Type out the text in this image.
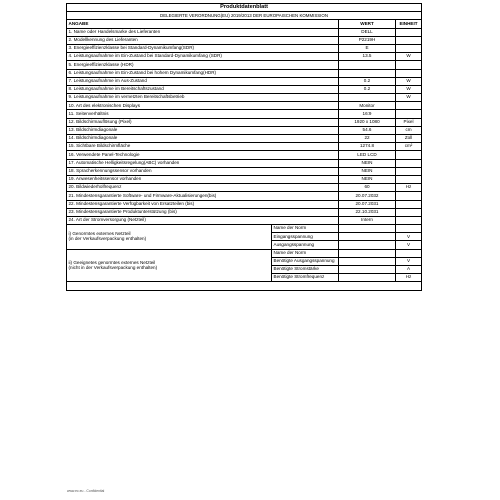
Produktdatenblatt			
DELEGIERTE VERORDNUNG(EU) 2019/2013 DER EUROPAISCHEN KOMMISSION			
ANGABE		WERT	EINHEIT
1. Name oder Handelsmarke des Lieferanten		DELL	
2. Modellkennung des Lieferanten		P2219H	
3. Energieeffizienzklasse bei Standard-Dynamikumfang(SDR)		E	
4. Leistungsaufnahme im Ein-Zustand bei Standard-Dynamikumfang (SDR)		13.5	W
5. Energieeffizienzklasse (HDR)			
6. Leistungsaufnahme im Ein-Zustand bei hohem Dynamikumfang(HDR)			
7. Leistungsaufnahme im Aus-Zustand		0.2	W
8. Leistungsaufnahme im Bereitschaftszustand		0.2	W
9. Leistungsaufnahme im vernetzten Bereitschaftsbetrieb			W
10. Art des elektronischen Displays		Monitor	
11. Seitenverhältnis		16:9	
12. Bildschirmauflösung (Pixel)		1920 x 1080	Pixel
13. Bildschirmdiagonale		54.6	cm
14. Bildschirmdiagonale		22	Zoll
15. Sichtbare Bildschirmfläche		1274.8	cm²
16. Verwendete Panel-Technologie		LED LCD	
17. Automatische Helligkeitsregelung(ABC) vorhanden		NEIN	
18. Spracherkennungssensor vorhanden		NEIN	
19. Anwesenheitssensor vorhanden		NEIN	
20. Bildwiederholfrequenz		60	Hz
21. Mindestensgarantierte Software- und Firmware-Aktualisierungen(bis)		20.07.2032	
22. Mindestensgarantierte Verfügbarkeit von Ersatzteilen (bis)		20.07.2031	
23. Mindestensgarantierte Produktunterstützung (bis)		22.10.2031	
24. Art der Stromversorgung (Netzteil)		Intern	

i) Genormtes externes Netzteil
(in der Verkaufsverpackung enthalten)	Name der Norm		
	Eingangsspannung		V
	Ausgangsspannung		V

ii) Geeignetes genormtes externes Netzteil
(nicht in der Verkaufsverpackung enthalten)	Name der Norm		
	Benötigte Ausgangsspannung		V
	Benötigte Stromstärke		A
	Benötigte Stromfrequenz		Hz

www.ec.eu - Confidential
